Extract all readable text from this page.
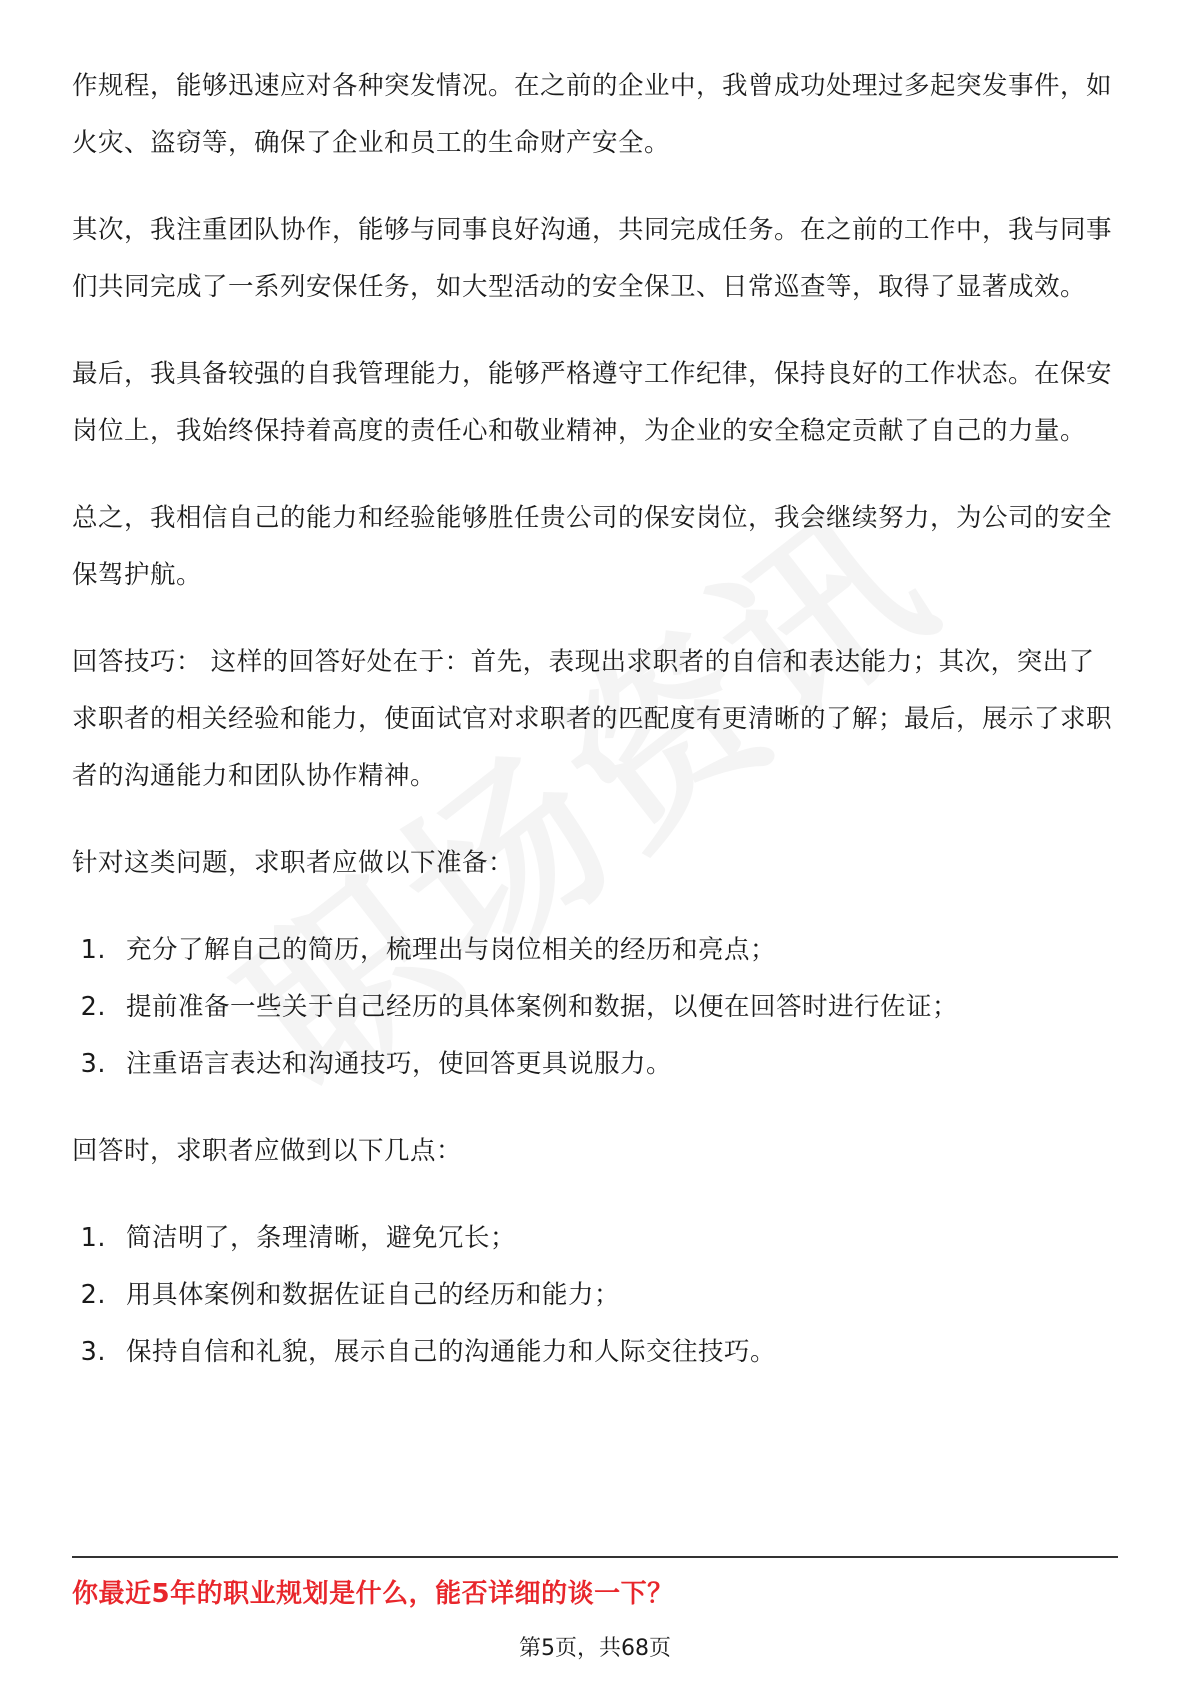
作规程，能够迅速应对各种突发情况。在之前的企业中，我曾成功处理过多起突发事件，如火灾、盗窃等，确保了企业和员工的生命财产安全。

其次，我注重团队协作，能够与同事良好沟通，共同完成任务。在之前的工作中，我与同事们共同完成了一系列安保任务，如大型活动的安全保卫、日常巡查等，取得了显著成效。

最后，我具备较强的自我管理能力，能够严格遵守工作纪律，保持良好的工作状态。在保安岗位上，我始终保持着高度的责任心和敬业精神，为企业的安全稳定贡献了自己的力量。

总之，我相信自己的能力和经验能够胜任贵公司的保安岗位，我会继续努力，为公司的安全保驾护航。

回答技巧： 这样的回答好处在于：首先，表现出求职者的自信和表达能力；其次，突出了求职者的相关经验和能力，使面试官对求职者的匹配度有更清晰的了解；最后，展示了求职者的沟通能力和团队协作精神。

针对这类问题，求职者应做以下准备：

1. 充分了解自己的简历，梳理出与岗位相关的经历和亮点；
2. 提前准备一些关于自己经历的具体案例和数据，以便在回答时进行佐证；
3. 注重语言表达和沟通技巧，使回答更具说服力。

回答时，求职者应做到以下几点：

1. 简洁明了，条理清晰，避免冗长；
2. 用具体案例和数据佐证自己的经历和能力；
3. 保持自信和礼貌，展示自己的沟通能力和人际交往技巧。
你最近5年的职业规划是什么，能否详细的谈一下？
第5页，共68页
